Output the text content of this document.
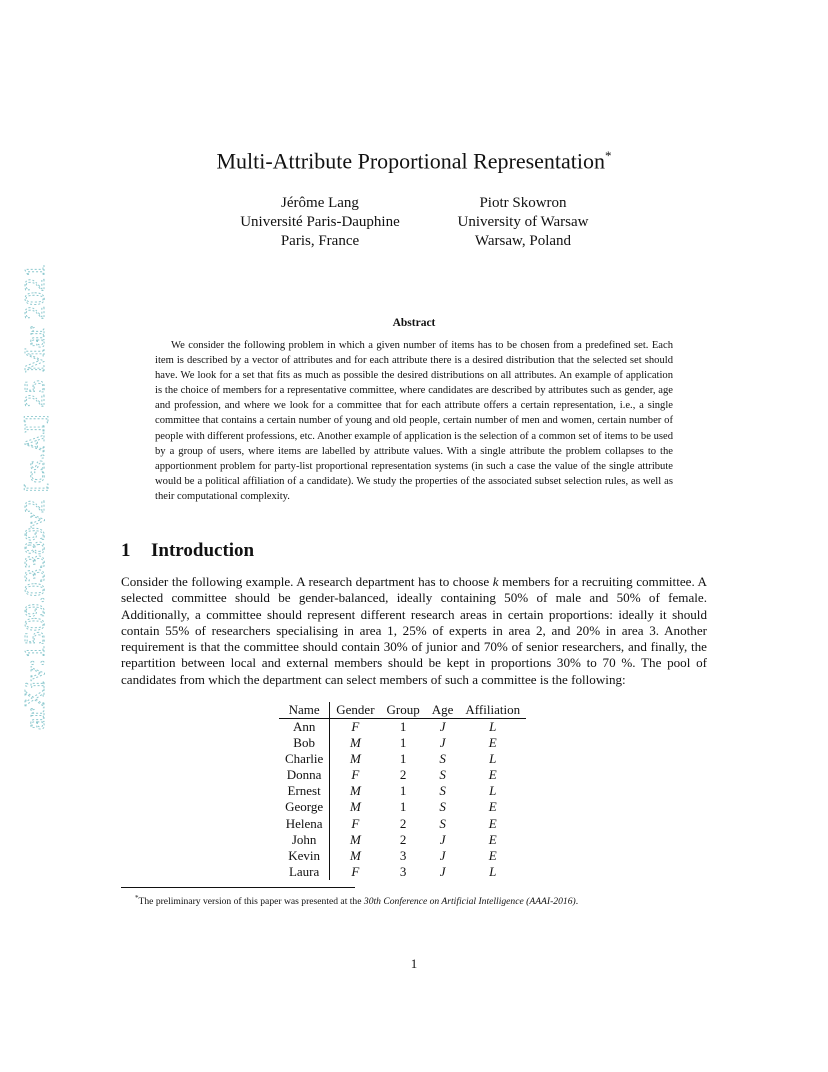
arXiv:1509.03389v2 [cs.AI] 25 Mar 2021
Multi-Attribute Proportional Representation*
Jérôme Lang
Université Paris-Dauphine
Paris, France
Piotr Skowron
University of Warsaw
Warsaw, Poland
Abstract

We consider the following problem in which a given number of items has to be chosen from a predefined set. Each item is described by a vector of attributes and for each attribute there is a desired distribution that the selected set should have. We look for a set that fits as much as possible the desired distributions on all attributes. An example of application is the choice of members for a representative committee, where candidates are described by attributes such as gender, age and profession, and where we look for a committee that for each attribute offers a certain representation, i.e., a single committee that contains a certain number of young and old people, certain number of men and women, certain number of people with different professions, etc. Another example of application is the selection of a common set of items to be used by a group of users, where items are labelled by attribute values. With a single attribute the problem collapses to the apportionment problem for party-list proportional representation systems (in such a case the value of the single attribute would be a political affiliation of a candidate). We study the properties of the associated subset selection rules, as well as their computational complexity.

1 Introduction

Consider the following example. A research department has to choose k members for a recruiting committee. A selected committee should be gender-balanced, ideally containing 50% of male and 50% of female. Additionally, a committee should represent different research areas in certain proportions: ideally it should contain 55% of researchers specialising in area 1, 25% of experts in area 2, and 20% in area 3. Another requirement is that the committee should contain 30% of junior and 70% of senior researchers, and finally, the repartition between local and external members should be kept in proportions 30% to 70 %. The pool of candidates from which the department can select members of such a committee is the following:

Name	Gender	Group	Age	Affiliation
Ann	F	1	J	L
Bob	M	1	J	E
Charlie	M	1	S	L
Donna	F	2	S	E
Ernest	M	1	S	L
George	M	1	S	E
Helena	F	2	S	E
John	M	2	J	E
Kevin	M	3	J	E
Laura	F	3	J	L
*The preliminary version of this paper was presented at the 30th Conference on Artificial Intelligence (AAAI-2016).
1
